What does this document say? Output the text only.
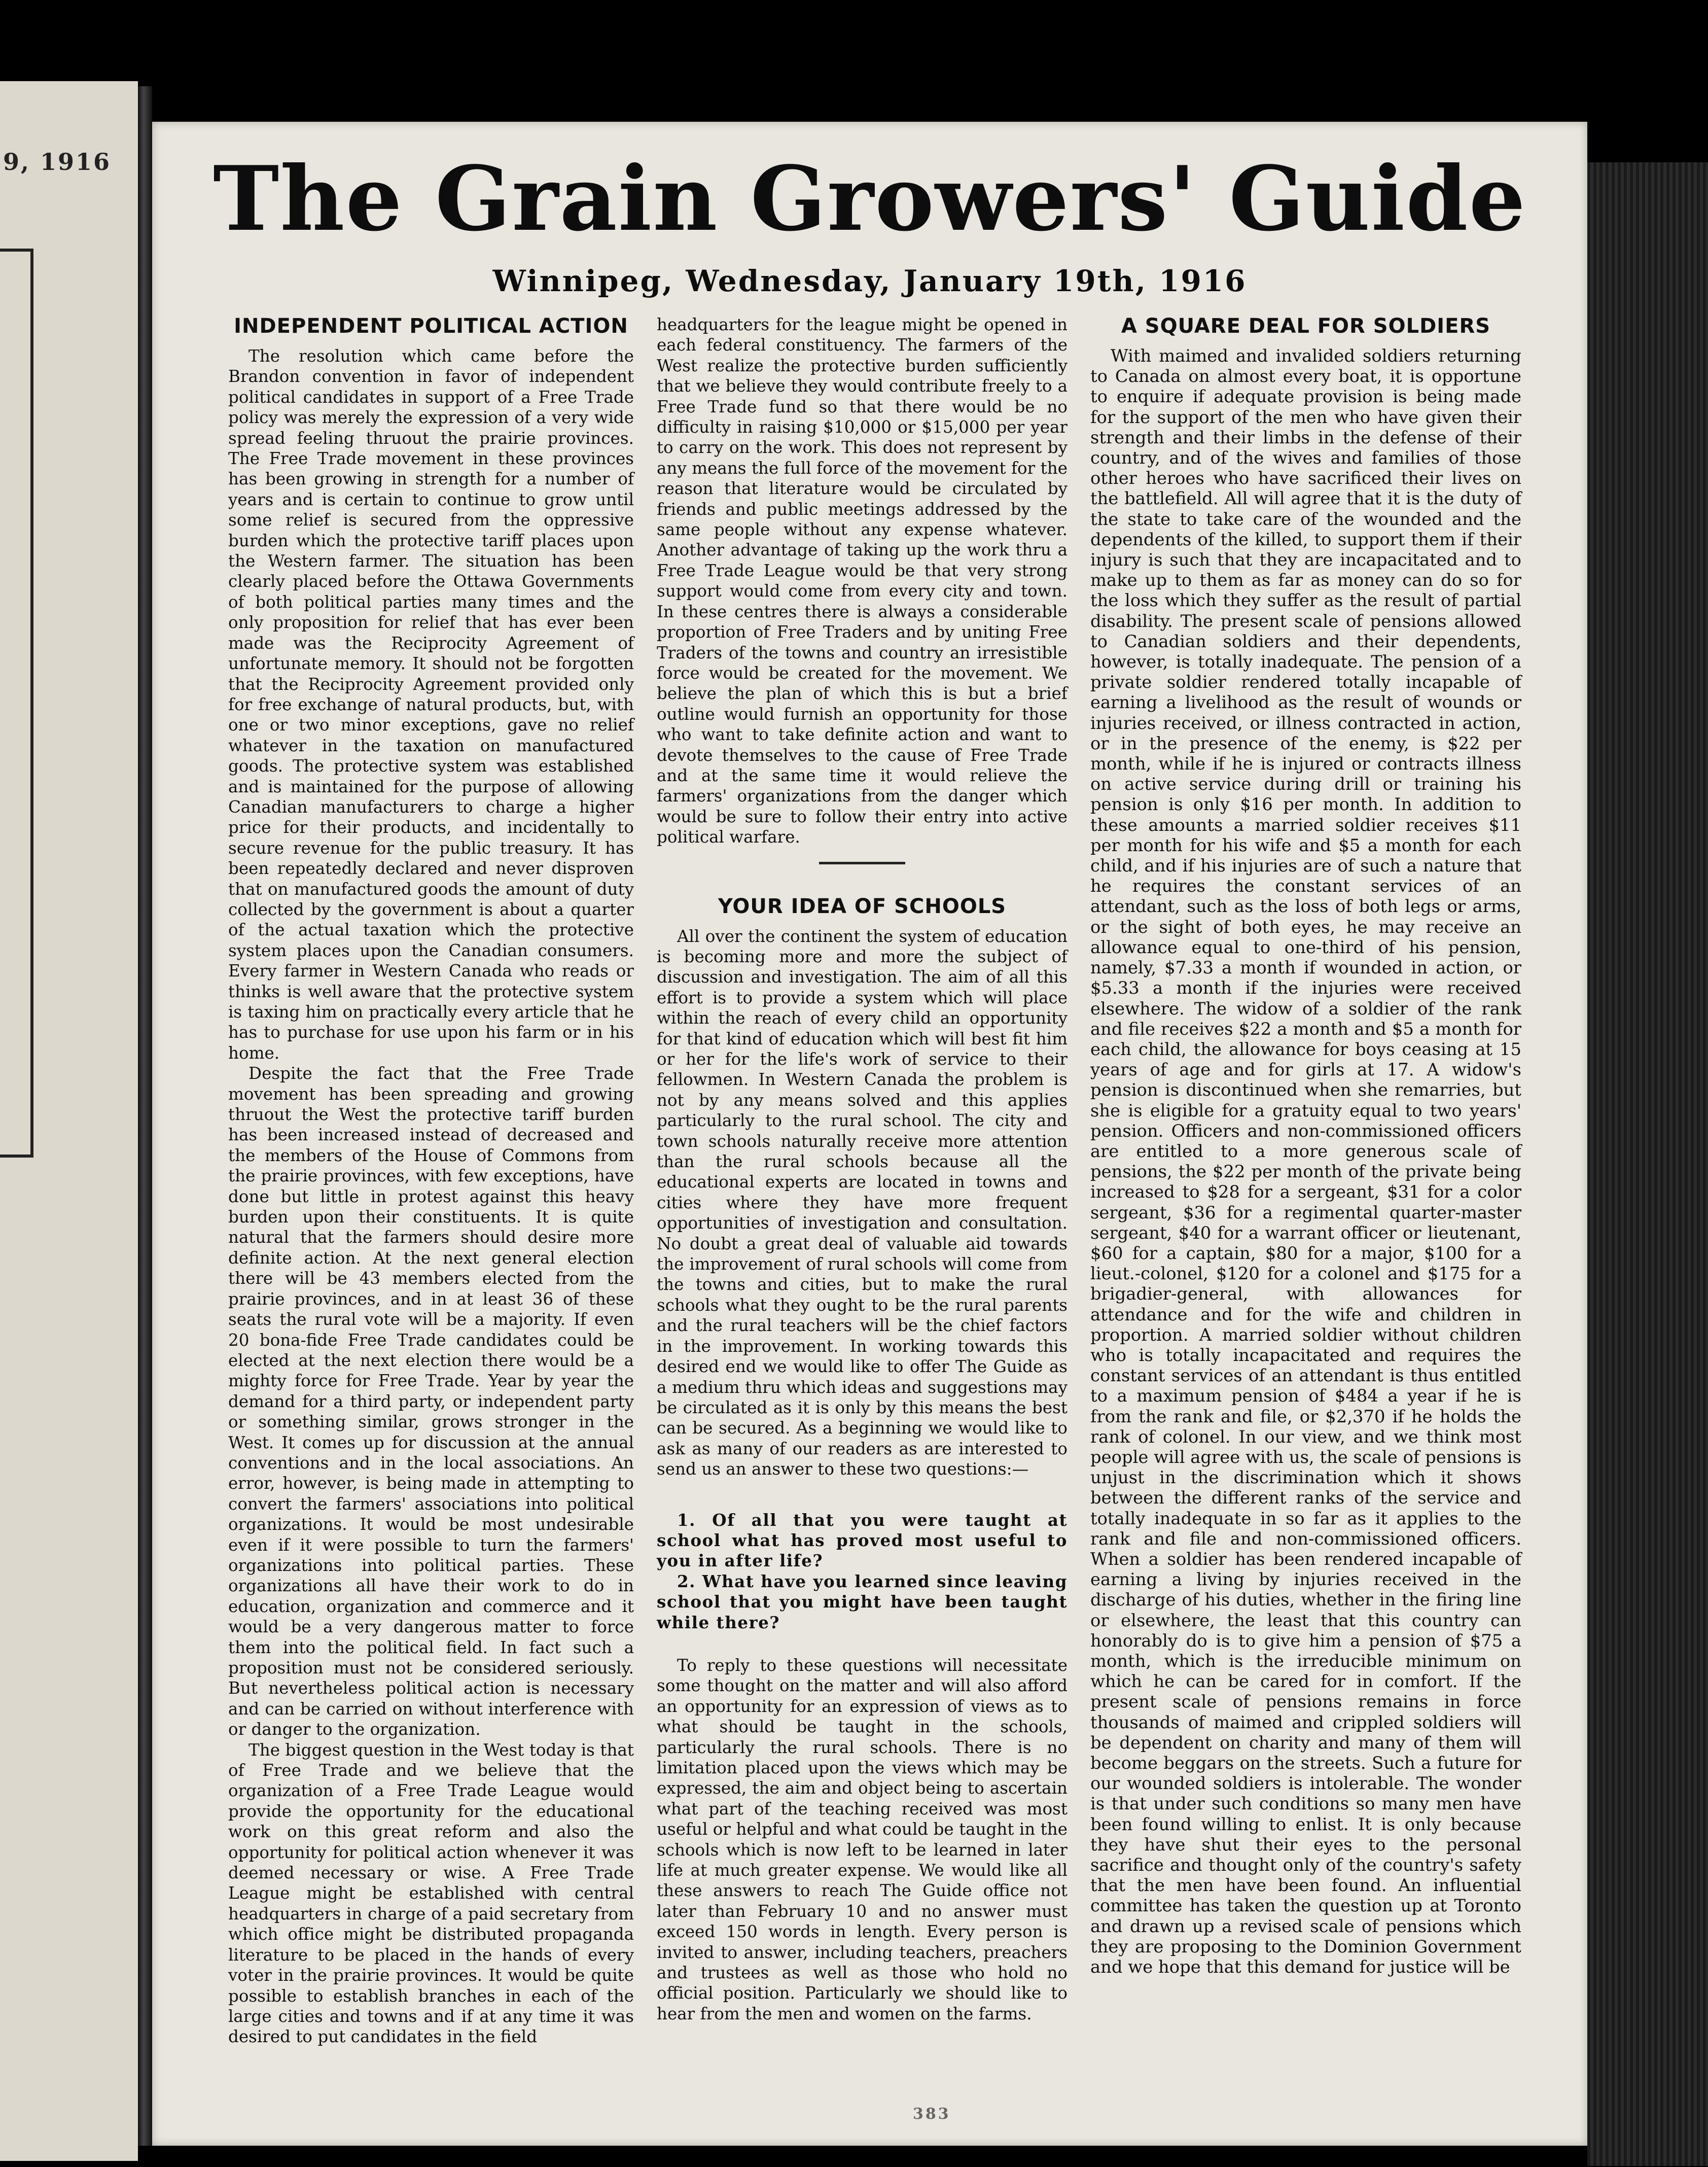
9, 1916	The Grain Growers' Guide
Winnipeg, Wednesday, January 19th, 1916
INDEPENDENT POLITICAL ACTION

The resolution which came before the Brandon convention in favor of independent political candidates in support of a Free Trade policy was merely the expression of a very wide spread feeling thruout the prairie provinces. The Free Trade movement in these provinces has been growing in strength for a number of years and is certain to continue to grow until some relief is secured from the oppressive burden which the protective tariff places upon the Western farmer. The situation has been clearly placed before the Ottawa Governments of both political parties many times and the only proposition for relief that has ever been made was the Reciprocity Agreement of unfortunate memory. It should not be forgotten that the Reciprocity Agreement provided only for free exchange of natural products, but, with one or two minor exceptions, gave no relief whatever in the taxation on manufactured goods. The protective system was established and is maintained for the purpose of allowing Canadian manufacturers to charge a higher price for their products, and incidentally to secure revenue for the public treasury. It has been repeatedly declared and never disproven that on manufactured goods the amount of duty collected by the government is about a quarter of the actual taxation which the protective system places upon the Canadian consumers. Every farmer in Western Canada who reads or thinks is well aware that the protective system is taxing him on practically every article that he has to purchase for use upon his farm or in his home.

Despite the fact that the Free Trade movement has been spreading and growing thruout the West the protective tariff burden has been increased instead of decreased and the members of the House of Commons from the prairie provinces, with few exceptions, have done but little in protest against this heavy burden upon their constituents. It is quite natural that the farmers should desire more definite action. At the next general election there will be 43 members elected from the prairie provinces, and in at least 36 of these seats the rural vote will be a majority. If even 20 bona-fide Free Trade candidates could be elected at the next election there would be a mighty force for Free Trade. Year by year the demand for a third party, or independent party or something similar, grows stronger in the West. It comes up for discussion at the annual conventions and in the local associations. An error, however, is being made in attempting to convert the farmers' associations into political organizations. It would be most undesirable even if it were possible to turn the farmers' organizations into political parties. These organizations all have their work to do in education, organization and commerce and it would be a very dangerous matter to force them into the political field. In fact such a proposition must not be considered seriously. But nevertheless political action is necessary and can be carried on without interference with or danger to the organization.

The biggest question in the West today is that of Free Trade and we believe that the organization of a Free Trade League would provide the opportunity for the educational work on this great reform and also the opportunity for political action whenever it was deemed necessary or wise. A Free Trade League might be established with central headquarters in charge of a paid secretary from which office might be distributed propaganda literature to be placed in the hands of every voter in the prairie provinces. It would be quite possible to establish branches in each of the large cities and towns and if at any time it was desired to put candidates in the field

headquarters for the league might be opened in each federal constituency. The farmers of the West realize the protective burden sufficiently that we believe they would contribute freely to a Free Trade fund so that there would be no difficulty in raising $10,000 or $15,000 per year to carry on the work. This does not represent by any means the full force of the movement for the reason that literature would be circulated by friends and public meetings addressed by the same people without any expense whatever. Another advantage of taking up the work thru a Free Trade League would be that very strong support would come from every city and town. In these centres there is always a considerable proportion of Free Traders and by uniting Free Traders of the towns and country an irresistible force would be created for the movement. We believe the plan of which this is but a brief outline would furnish an opportunity for those who want to take definite action and want to devote themselves to the cause of Free Trade and at the same time it would relieve the farmers' organizations from the danger which would be sure to follow their entry into active political warfare.

YOUR IDEA OF SCHOOLS

All over the continent the system of education is becoming more and more the subject of discussion and investigation. The aim of all this effort is to provide a system which will place within the reach of every child an opportunity for that kind of education which will best fit him or her for the life's work of service to their fellowmen. In Western Canada the problem is not by any means solved and this applies particularly to the rural school. The city and town schools naturally receive more attention than the rural schools because all the educational experts are located in towns and cities where they have more frequent opportunities of investigation and consultation. No doubt a great deal of valuable aid towards the improvement of rural schools will come from the towns and cities, but to make the rural schools what they ought to be the rural parents and the rural teachers will be the chief factors in the improvement. In working towards this desired end we would like to offer The Guide as a medium thru which ideas and suggestions may be circulated as it is only by this means the best can be secured. As a beginning we would like to ask as many of our readers as are interested to send us an answer to these two questions:—

1. Of all that you were taught at school what has proved most useful to you in after life?

2. What have you learned since leaving school that you might have been taught while there?

To reply to these questions will necessitate some thought on the matter and will also afford an opportunity for an expression of views as to what should be taught in the schools, particularly the rural schools. There is no limitation placed upon the views which may be expressed, the aim and object being to ascertain what part of the teaching received was most useful or helpful and what could be taught in the schools which is now left to be learned in later life at much greater expense. We would like all these answers to reach The Guide office not later than February 10 and no answer must exceed 150 words in length. Every person is invited to answer, including teachers, preachers and trustees as well as those who hold no official position. Particularly we should like to hear from the men and women on the farms.

A SQUARE DEAL FOR SOLDIERS

With maimed and invalided soldiers returning to Canada on almost every boat, it is opportune to enquire if adequate provision is being made for the support of the men who have given their strength and their limbs in the defense of their country, and of the wives and families of those other heroes who have sacrificed their lives on the battlefield. All will agree that it is the duty of the state to take care of the wounded and the dependents of the killed, to support them if their injury is such that they are incapacitated and to make up to them as far as money can do so for the loss which they suffer as the result of partial disability. The present scale of pensions allowed to Canadian soldiers and their dependents, however, is totally inadequate. The pension of a private soldier rendered totally incapable of earning a livelihood as the result of wounds or injuries received, or illness contracted in action, or in the presence of the enemy, is $22 per month, while if he is injured or contracts illness on active service during drill or training his pension is only $16 per month. In addition to these amounts a married soldier receives $11 per month for his wife and $5 a month for each child, and if his injuries are of such a nature that he requires the constant services of an attendant, such as the loss of both legs or arms, or the sight of both eyes, he may receive an allowance equal to one-third of his pension, namely, $7.33 a month if wounded in action, or $5.33 a month if the injuries were received elsewhere. The widow of a soldier of the rank and file receives $22 a month and $5 a month for each child, the allowance for boys ceasing at 15 years of age and for girls at 17. A widow's pension is discontinued when she remarries, but she is eligible for a gratuity equal to two years' pension. Officers and non-commissioned officers are entitled to a more generous scale of pensions, the $22 per month of the private being increased to $28 for a sergeant, $31 for a color sergeant, $36 for a regimental quarter-master sergeant, $40 for a warrant officer or lieutenant, $60 for a captain, $80 for a major, $100 for a lieut.-colonel, $120 for a colonel and $175 for a brigadier-general, with allowances for attendance and for the wife and children in proportion. A married soldier without children who is totally incapacitated and requires the constant services of an attendant is thus entitled to a maximum pension of $484 a year if he is from the rank and file, or $2,370 if he holds the rank of colonel. In our view, and we think most people will agree with us, the scale of pensions is unjust in the discrimination which it shows between the different ranks of the service and totally inadequate in so far as it applies to the rank and file and non-commissioned officers. When a soldier has been rendered incapable of earning a living by injuries received in the discharge of his duties, whether in the firing line or elsewhere, the least that this country can honorably do is to give him a pension of $75 a month, which is the irreducible minimum on which he can be cared for in comfort. If the present scale of pensions remains in force thousands of maimed and crippled soldiers will be dependent on charity and many of them will become beggars on the streets. Such a future for our wounded soldiers is intolerable. The wonder is that under such conditions so many men have been found willing to enlist. It is only because they have shut their eyes to the personal sacrifice and thought only of the country's safety that the men have been found. An influential committee has taken the question up at Toronto and drawn up a revised scale of pensions which they are proposing to the Dominion Government and we hope that this demand for justice will be

383
